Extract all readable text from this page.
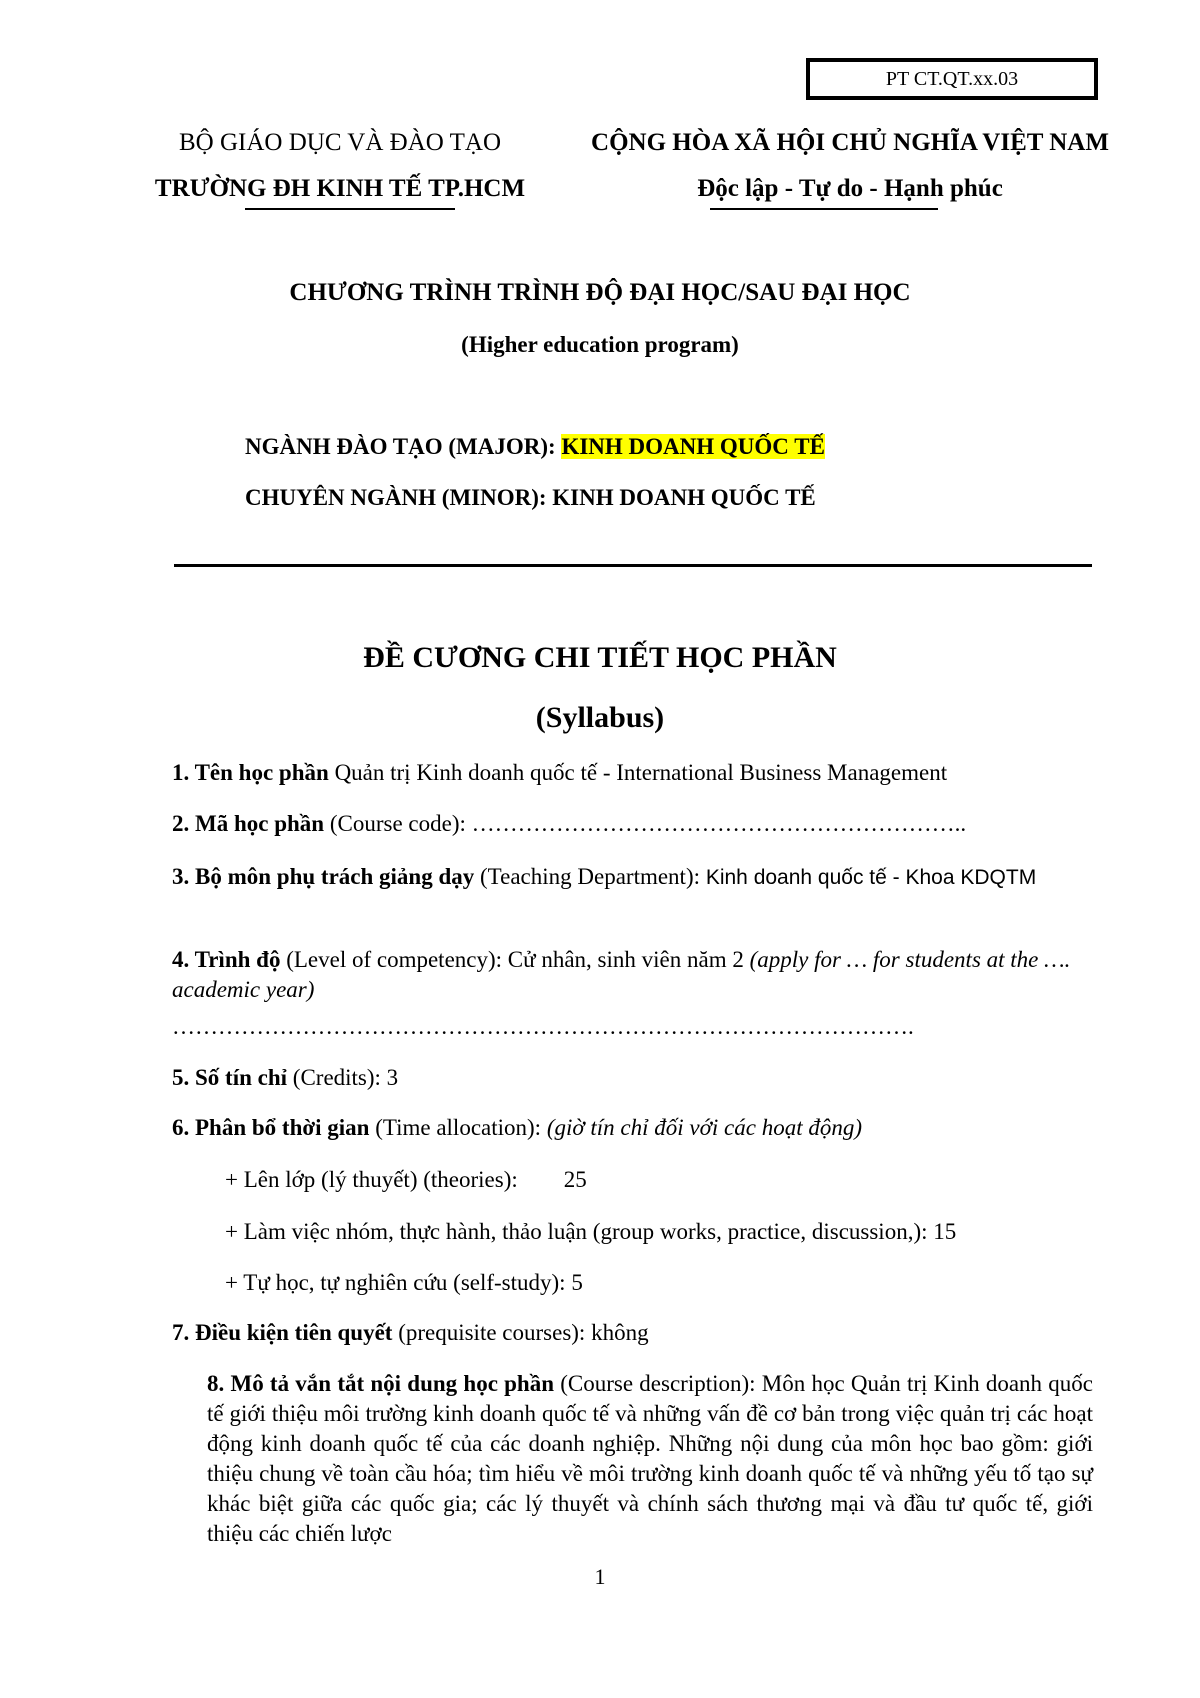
PT CT.QT.xx.03
BỘ GIÁO DỤC VÀ ĐÀO TẠO
TRƯỜNG ĐH KINH TẾ TP.HCM
CỘNG HÒA XÃ HỘI CHỦ NGHĨA VIỆT NAM
Độc lập - Tự do - Hạnh phúc
CHƯƠNG TRÌNH TRÌNH ĐỘ ĐẠI HỌC/SAU ĐẠI HỌC
(Higher education program)
NGÀNH ĐÀO TẠO (MAJOR): KINH DOANH QUỐC TẾ
CHUYÊN NGÀNH (MINOR): KINH DOANH QUỐC TẾ
ĐỀ CƯƠNG CHI TIẾT HỌC PHẦN
(Syllabus)
1. Tên học phần Quản trị Kinh doanh quốc tế - International Business Management
2. Mã học phần (Course code): ………………………………………………………..
3. Bộ môn phụ trách giảng dạy (Teaching Department): Kinh doanh quốc tế - Khoa KDQTM
4. Trình độ (Level of competency): Cử nhân, sinh viên năm 2 (apply for … for students at the …. academic year)
…………………………………………………………………………………….
5. Số tín chỉ (Credits): 3
6. Phân bổ thời gian (Time allocation): (giờ tín chỉ đối với các hoạt động)
+ Lên lớp (lý thuyết) (theories):        25
+ Làm việc nhóm, thực hành, thảo luận (group works, practice, discussion,): 15
+ Tự học, tự nghiên cứu (self-study): 5
7. Điều kiện tiên quyết (prequisite courses): không
8. Mô tả vắn tắt nội dung học phần (Course description): Môn học Quản trị Kinh doanh quốc tế giới thiệu môi trường kinh doanh quốc tế và những vấn đề cơ bản trong việc quản trị các hoạt động kinh doanh quốc tế của các doanh nghiệp. Những nội dung của môn học bao gồm: giới thiệu chung về toàn cầu hóa; tìm hiểu về môi trường kinh doanh quốc tế và những yếu tố tạo sự khác biệt giữa các quốc gia; các lý thuyết và chính sách thương mại và đầu tư quốc tế, giới thiệu các chiến lược
1
